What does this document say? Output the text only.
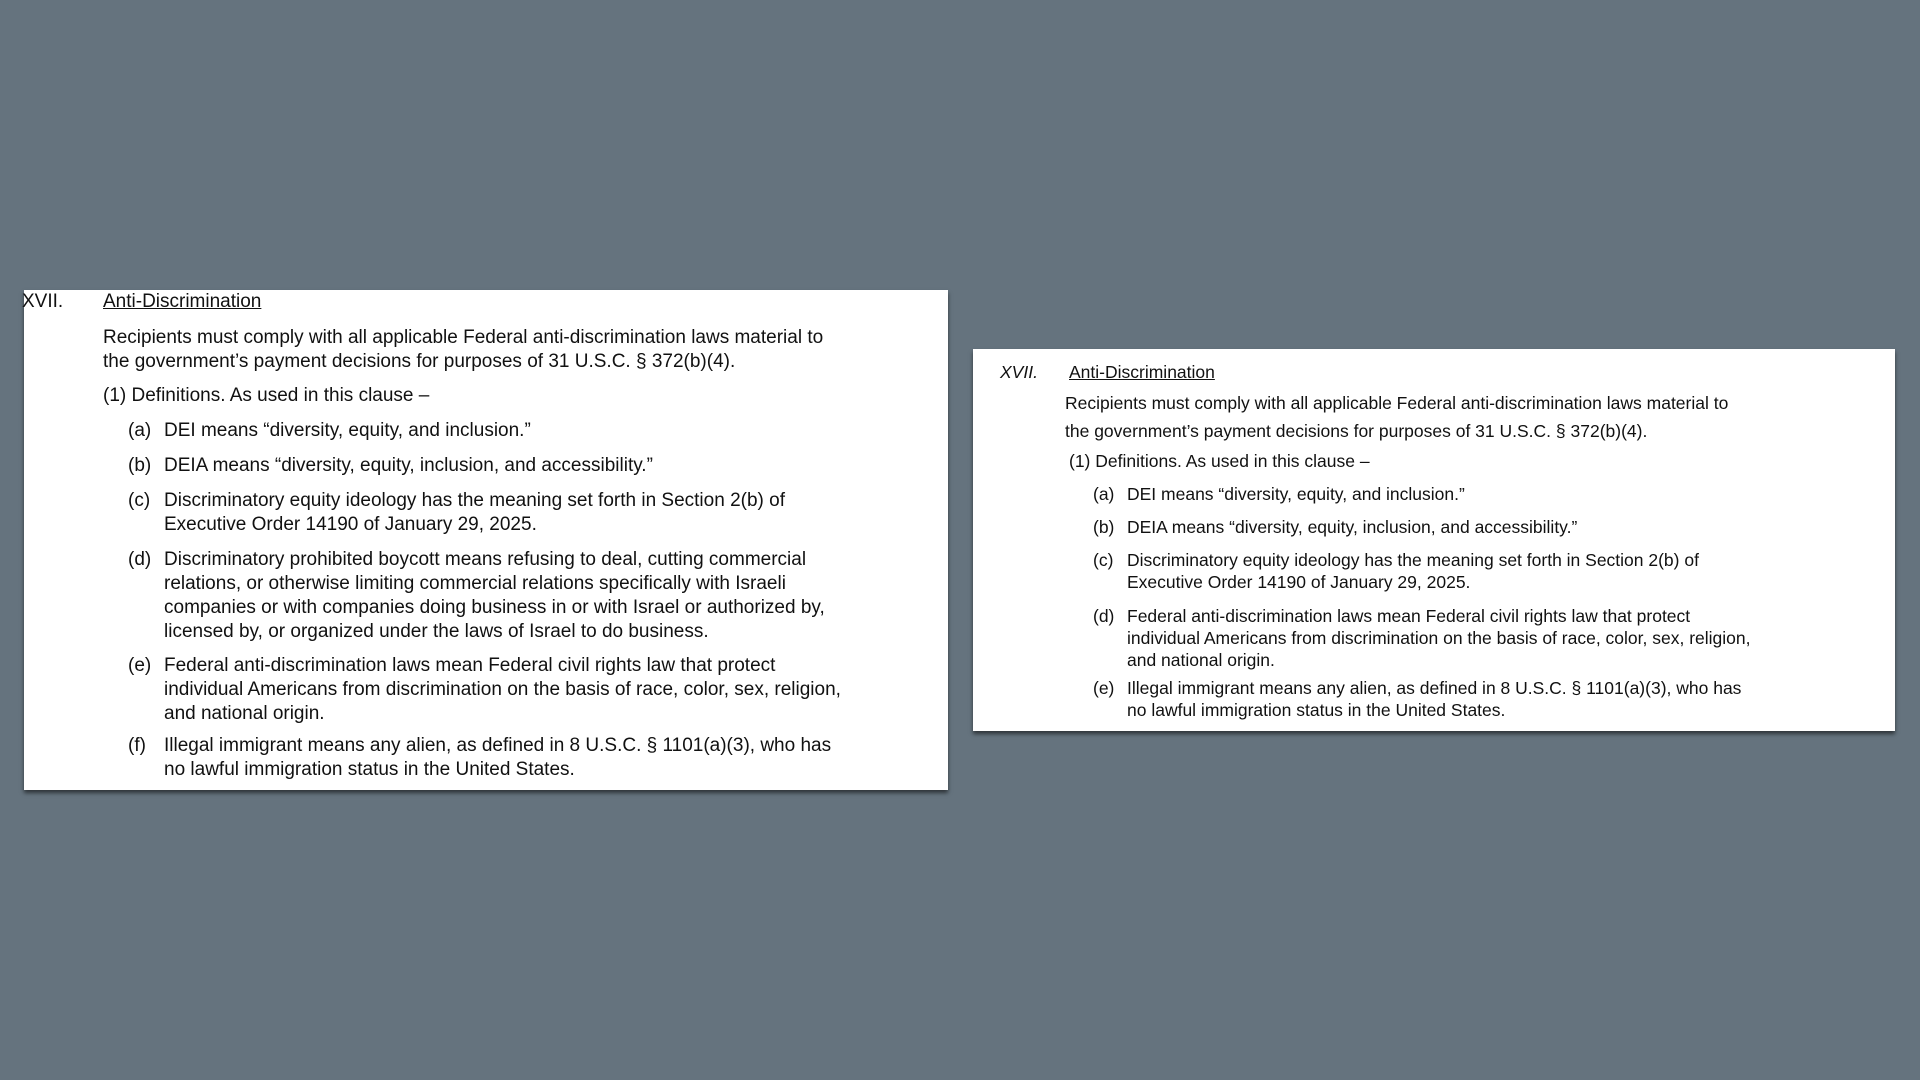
XVII. Anti-Discrimination
Recipients must comply with all applicable Federal anti-discrimination laws material to
the government’s payment decisions for purposes of 31 U.S.C. § 372(b)(4).
(1) Definitions. As used in this clause –
(a) DEI means “diversity, equity, and inclusion.”
(b) DEIA means “diversity, equity, inclusion, and accessibility.”
(c) Discriminatory equity ideology has the meaning set forth in Section 2(b) of
Executive Order 14190 of January 29, 2025.
(d) Discriminatory prohibited boycott means refusing to deal, cutting commercial
relations, or otherwise limiting commercial relations specifically with Israeli
companies or with companies doing business in or with Israel or authorized by,
licensed by, or organized under the laws of Israel to do business.
(e) Federal anti-discrimination laws mean Federal civil rights law that protect
individual Americans from discrimination on the basis of race, color, sex, religion,
and national origin.
(f) Illegal immigrant means any alien, as defined in 8 U.S.C. § 1101(a)(3), who has
no lawful immigration status in the United States.
XVII. Anti-Discrimination
Recipients must comply with all applicable Federal anti-discrimination laws material to
the government’s payment decisions for purposes of 31 U.S.C. § 372(b)(4).
(1) Definitions. As used in this clause –
(a) DEI means “diversity, equity, and inclusion.”
(b) DEIA means “diversity, equity, inclusion, and accessibility.”
(c) Discriminatory equity ideology has the meaning set forth in Section 2(b) of
Executive Order 14190 of January 29, 2025.
(d) Federal anti-discrimination laws mean Federal civil rights law that protect
individual Americans from discrimination on the basis of race, color, sex, religion,
and national origin.
(e) Illegal immigrant means any alien, as defined in 8 U.S.C. § 1101(a)(3), who has
no lawful immigration status in the United States.
